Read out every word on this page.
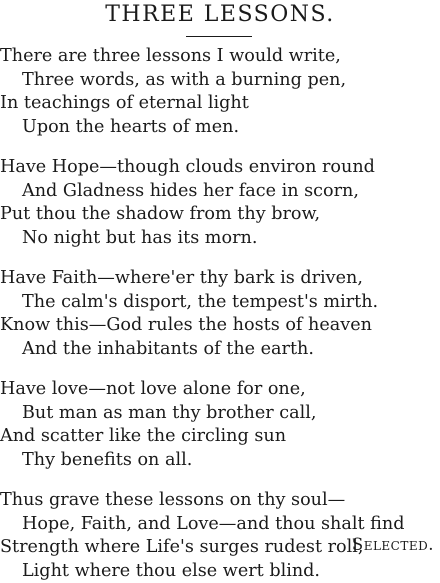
THREE LESSONS.
There are three lessons I would write,
Three words, as with a burning pen,
In teachings of eternal light
Upon the hearts of men.
Have Hope—though clouds environ round
And Gladness hides her face in scorn,
Put thou the shadow from thy brow,
No night but has its morn.
Have Faith—where'er thy bark is driven,
The calm's disport, the tempest's mirth.
Know this—God rules the hosts of heaven
And the inhabitants of the earth.
Have love—not love alone for one,
But man as man thy brother call,
And scatter like the circling sun
Thy benefits on all.
Thus grave these lessons on thy soul—
Hope, Faith, and Love—and thou shalt find
Strength where Life's surges rudest roll,
Light where thou else wert blind.
Selected.
